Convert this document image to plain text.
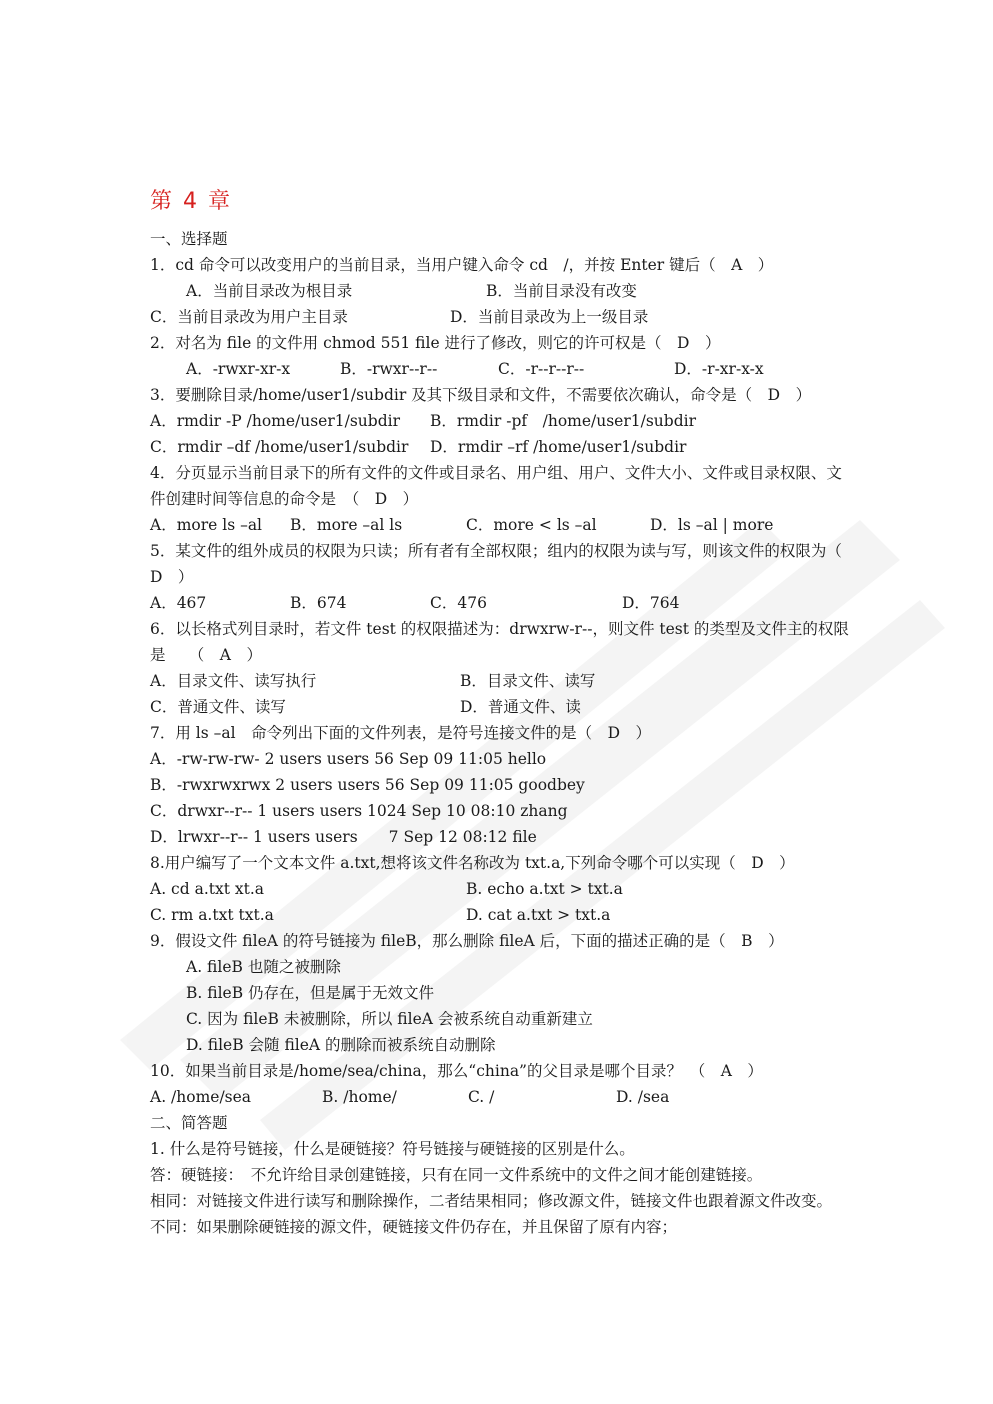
第 4 章
一、选择题
1．cd 命令可以改变用户的当前目录，当用户键入命令 cd　/，并按 Enter 键后（　A　）
A．当前目录改为根目录	B．当前目录没有改变
C．当前目录改为用户主目录	D．当前目录改为上一级目录
2．对名为 file 的文件用 chmod 551 file 进行了修改，则它的许可权是（　D　）
A．-rwxr-xr-x	B．-rwxr--r--	C．-r--r--r--	D．-r-xr-x-x
3．要删除目录/home/user1/subdir 及其下级目录和文件，不需要依次确认，命令是（　D　）
A．rmdir -P /home/user1/subdir	B．rmdir -pf　/home/user1/subdir
C．rmdir –df /home/user1/subdir	D．rmdir –rf /home/user1/subdir
4．分页显示当前目录下的所有文件的文件或目录名、用户组、用户、文件大小、文件或目录权限、文件创建时间等信息的命令是　（　D　）
A．more ls –al	B．more –al ls	C．more < ls –al	D．ls –al | more
5．某文件的组外成员的权限为只读；所有者有全部权限；组内的权限为读与写，则该文件的权限为（　D　）
A．467	B．674	C．476	D．764
6．以长格式列目录时，若文件 test 的权限描述为：drwxrw-r--，则文件 test 的类型及文件主的权限是　　（　A　）
A．目录文件、读写执行	B．目录文件、读写
C．普通文件、读写	D．普通文件、读
7．用 ls –al　命令列出下面的文件列表，是符号连接文件的是（　D　）
A．-rw-rw-rw- 2 users users 56 Sep 09 11:05 hello
B．-rwxrwxrwx 2 users users 56 Sep 09 11:05 goodbey
C．drwxr--r-- 1 users users 1024 Sep 10 08:10 zhang
D．lrwxr--r-- 1 users users　　7 Sep 12 08:12 file
8.用户编写了一个文本文件 a.txt,想将该文件名称改为 txt.a,下列命令哪个可以实现（　D　）
A. cd a.txt xt.a	B. echo a.txt > txt.a
C. rm a.txt txt.a	D. cat a.txt > txt.a
9．假设文件 fileA 的符号链接为 fileB，那么删除 fileA 后，下面的描述正确的是（　B　）
A. fileB 也随之被删除
B. fileB 仍存在，但是属于无效文件
C. 因为 fileB 未被删除，所以 fileA 会被系统自动重新建立
D. fileB 会随 fileA 的删除而被系统自动删除
10．如果当前目录是/home/sea/china，那么“china”的父目录是哪个目录？　（　A　）
A. /home/sea	B. /home/	C. /	D. /sea
二、简答题
1. 什么是符号链接，什么是硬链接？符号链接与硬链接的区别是什么。
答：硬链接：　不允许给目录创建链接，只有在同一文件系统中的文件之间才能创建链接。
相同：对链接文件进行读写和删除操作，二者结果相同；修改源文件，链接文件也跟着源文件改变。
不同：如果删除硬链接的源文件，硬链接文件仍存在，并且保留了原有内容；
